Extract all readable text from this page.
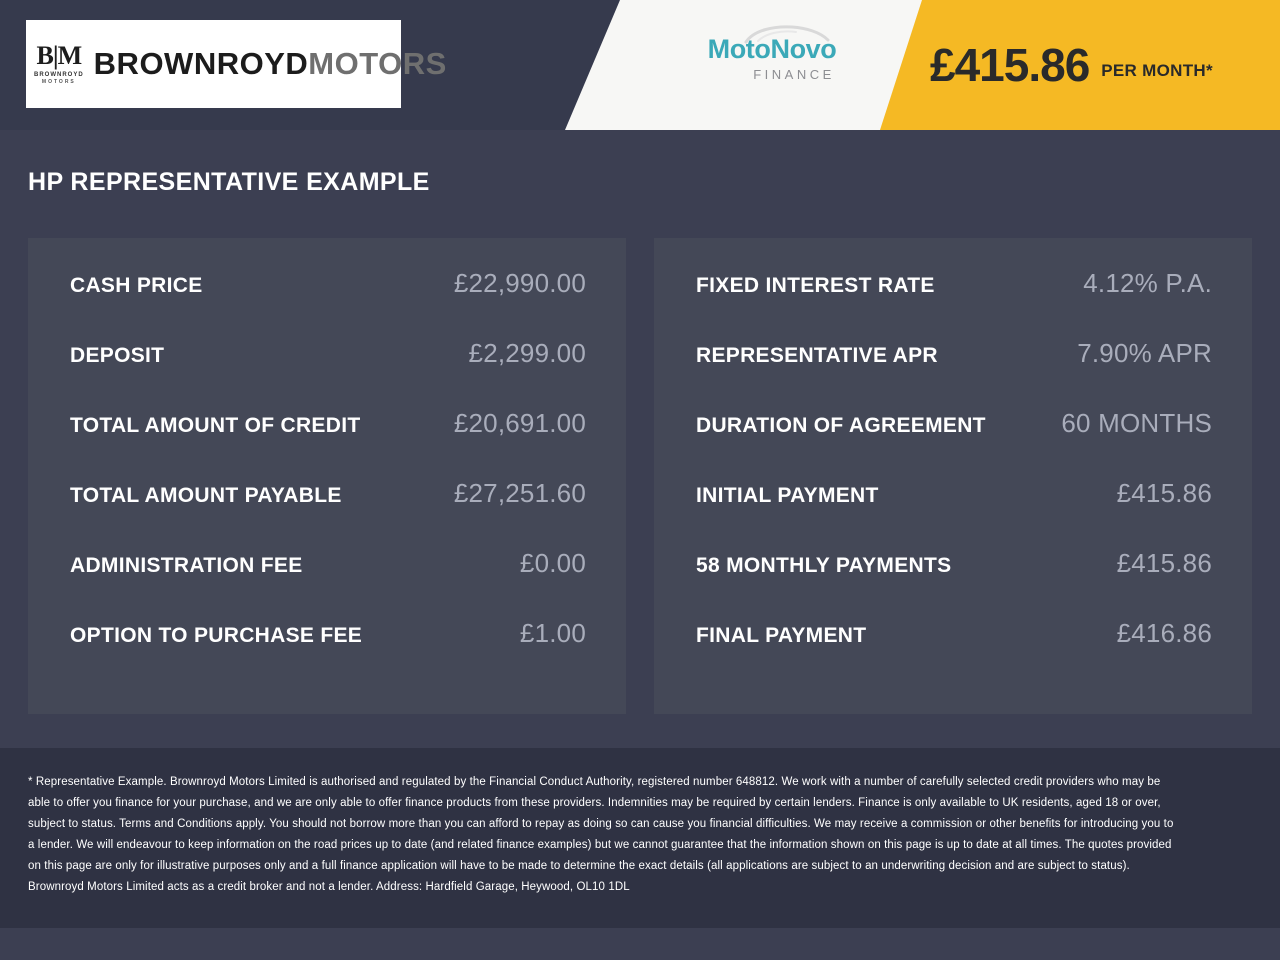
B|M
BROWNROYD
MOTORS
BROWNROYDMOTORS	MotoNovo
FINANCE	£415.86 PER MONTH*
HP REPRESENTATIVE EXAMPLE
CASH PRICE	£22,990.00
DEPOSIT	£2,299.00
TOTAL AMOUNT OF CREDIT	£20,691.00
TOTAL AMOUNT PAYABLE	£27,251.60
ADMINISTRATION FEE	£0.00
OPTION TO PURCHASE FEE	£1.00
FIXED INTEREST RATE	4.12% P.A.
REPRESENTATIVE APR	7.90% APR
DURATION OF AGREEMENT	60 MONTHS
INITIAL PAYMENT	£415.86
58 MONTHLY PAYMENTS	£415.86
FINAL PAYMENT	£416.86

* Representative Example. Brownroyd Motors Limited is authorised and regulated by the Financial Conduct Authority, registered number 648812. We work with a number of carefully selected credit providers who may be able to offer you finance for your purchase, and we are only able to offer finance products from these providers. Indemnities may be required by certain lenders. Finance is only available to UK residents, aged 18 or over, subject to status. Terms and Conditions apply. You should not borrow more than you can afford to repay as doing so can cause you financial difficulties. We may receive a commission or other benefits for introducing you to a lender. We will endeavour to keep information on the road prices up to date (and related finance examples) but we cannot guarantee that the information shown on this page is up to date at all times. The quotes provided on this page are only for illustrative purposes only and a full finance application will have to be made to determine the exact details (all applications are subject to an underwriting decision and are subject to status). Brownroyd Motors Limited acts as a credit broker and not a lender. Address: Hardfield Garage, Heywood, OL10 1DL
